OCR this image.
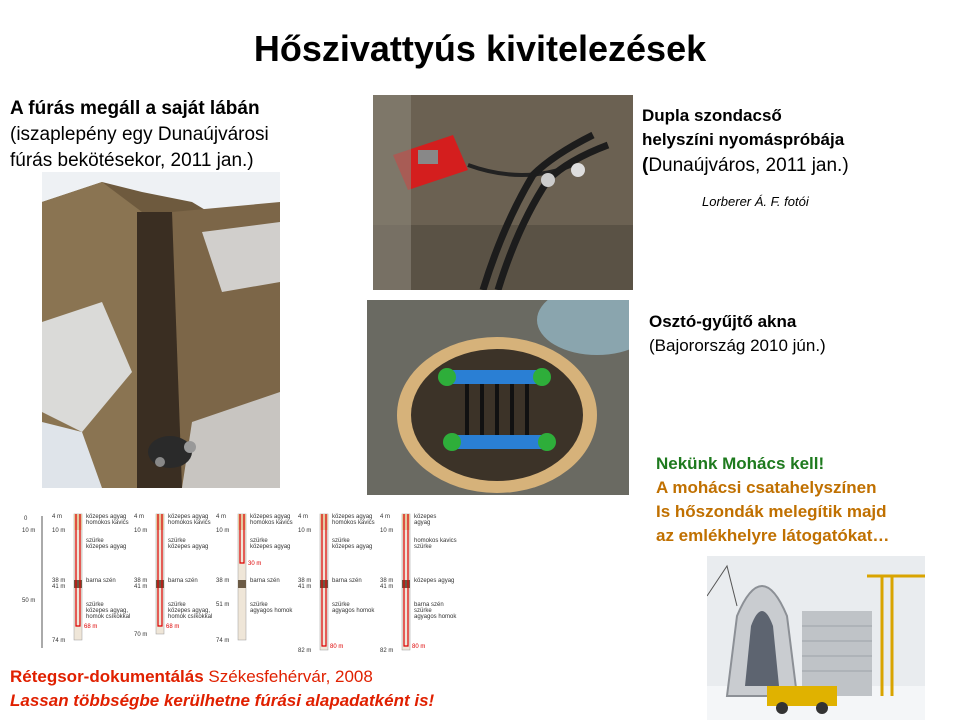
Hőszivattyús kivitelezések
A fúrás megáll a saját lábán
(iszaplepény egy Dunaújvárosi
fúrás bekötésekor, 2011 jan.)
Dupla szondacső
helyszíni nyomáspróbája
(Dunaújváros, 2011 jan.)
Lorberer Á. F. fotói
Osztó-gyűjtő akna
(Bajorország 2010 jún.)
Nekünk Mohács kell!
A mohácsi csatahelyszínen
Is hőszondák melegítik majd
az emlékhelyre látogatókat…
0
10 m
50 m
4 m
10 m
38 m
41 m
74 m
68 m
közepes agyag
homokos kavics
szürke
közepes agyag
barna szén
szürke
közepes agyag,
homok csíkokkal
4 m
10 m
38 m
41 m
70 m
68 m
közepes agyag
homokos kavics
szürke
közepes agyag
barna szén
szürke
közepes agyag,
homok csíkokkal
4 m
10 m
38 m
51 m
74 m
30 m
közepes agyag
homokos kavics
szürke
közepes agyag
barna szén
szürke
agyagos homok
4 m
10 m
38 m
41 m
82 m
80 m
közepes agyag
homokos kavics
szürke
közepes agyag
barna szén
szürke
agyagos homok
4 m
10 m
38 m
41 m
82 m
80 m
közepes
agyag
homokos kavics
szürke
közepes agyag
barna szén
szürke
agyagos homok
Rétegsor-dokumentálás Székesfehérvár, 2008
Lassan többségbe kerülhetne fúrási alapadatként is!
